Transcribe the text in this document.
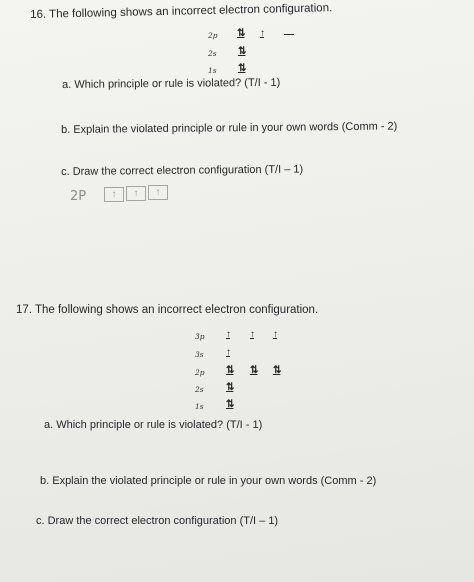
16. The following shows an incorrect electron configuration.
2p ⇅ ↑ —
2s ⇅
1s ⇅
a. Which principle or rule is violated? (T/I - 1)
b. Explain the violated principle or rule in your own words (Comm - 2)
c. Draw the correct electron configuration (T/I – 1)
2P	↑	↑	↑
17. The following shows an incorrect electron configuration.
3p ↑ ↑ ↑
3s ↑
2p ⇅ ⇅ ⇅
2s ⇅
1s ⇅
a. Which principle or rule is violated? (T/I - 1)
b. Explain the violated principle or rule in your own words (Comm - 2)
c. Draw the correct electron configuration (T/I – 1)
